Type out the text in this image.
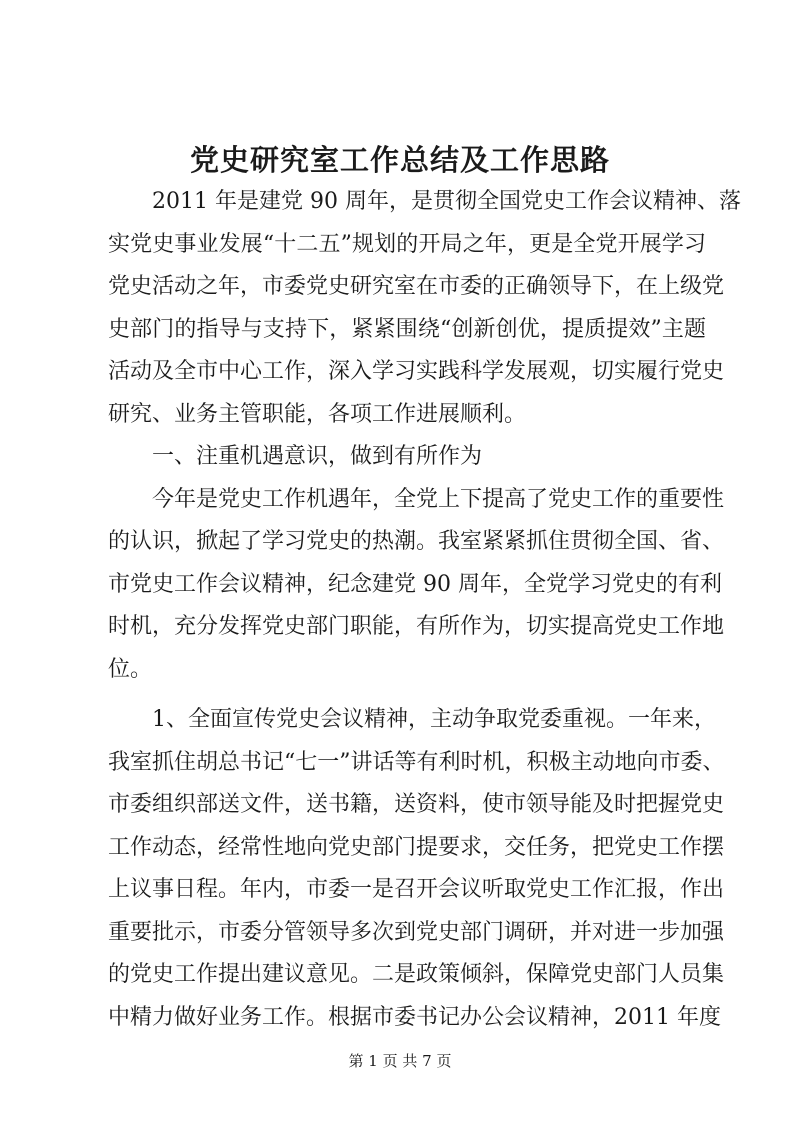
党史研究室工作总结及工作思路
2011 年是建党 90 周年，是贯彻全国党史工作会议精神、落
实党史事业发展“十二五”规划的开局之年，更是全党开展学习
党史活动之年，市委党史研究室在市委的正确领导下，在上级党
史部门的指导与支持下，紧紧围绕“创新创优，提质提效”主题
活动及全市中心工作，深入学习实践科学发展观，切实履行党史
研究、业务主管职能，各项工作进展顺利。
一、注重机遇意识，做到有所作为
今年是党史工作机遇年，全党上下提高了党史工作的重要性
的认识，掀起了学习党史的热潮。我室紧紧抓住贯彻全国、省、
市党史工作会议精神，纪念建党 90 周年，全党学习党史的有利
时机，充分发挥党史部门职能，有所作为，切实提高党史工作地
位。
1、全面宣传党史会议精神，主动争取党委重视。一年来，
我室抓住胡总书记“七一”讲话等有利时机，积极主动地向市委、
市委组织部送文件，送书籍，送资料，使市领导能及时把握党史
工作动态，经常性地向党史部门提要求，交任务，把党史工作摆
上议事日程。年内，市委一是召开会议听取党史工作汇报，作出
重要批示，市委分管领导多次到党史部门调研，并对进一步加强
的党史工作提出建议意见。二是政策倾斜，保障党史部门人员集
中精力做好业务工作。根据市委书记办公会议精神，2011 年度
第 1 页 共 7 页
